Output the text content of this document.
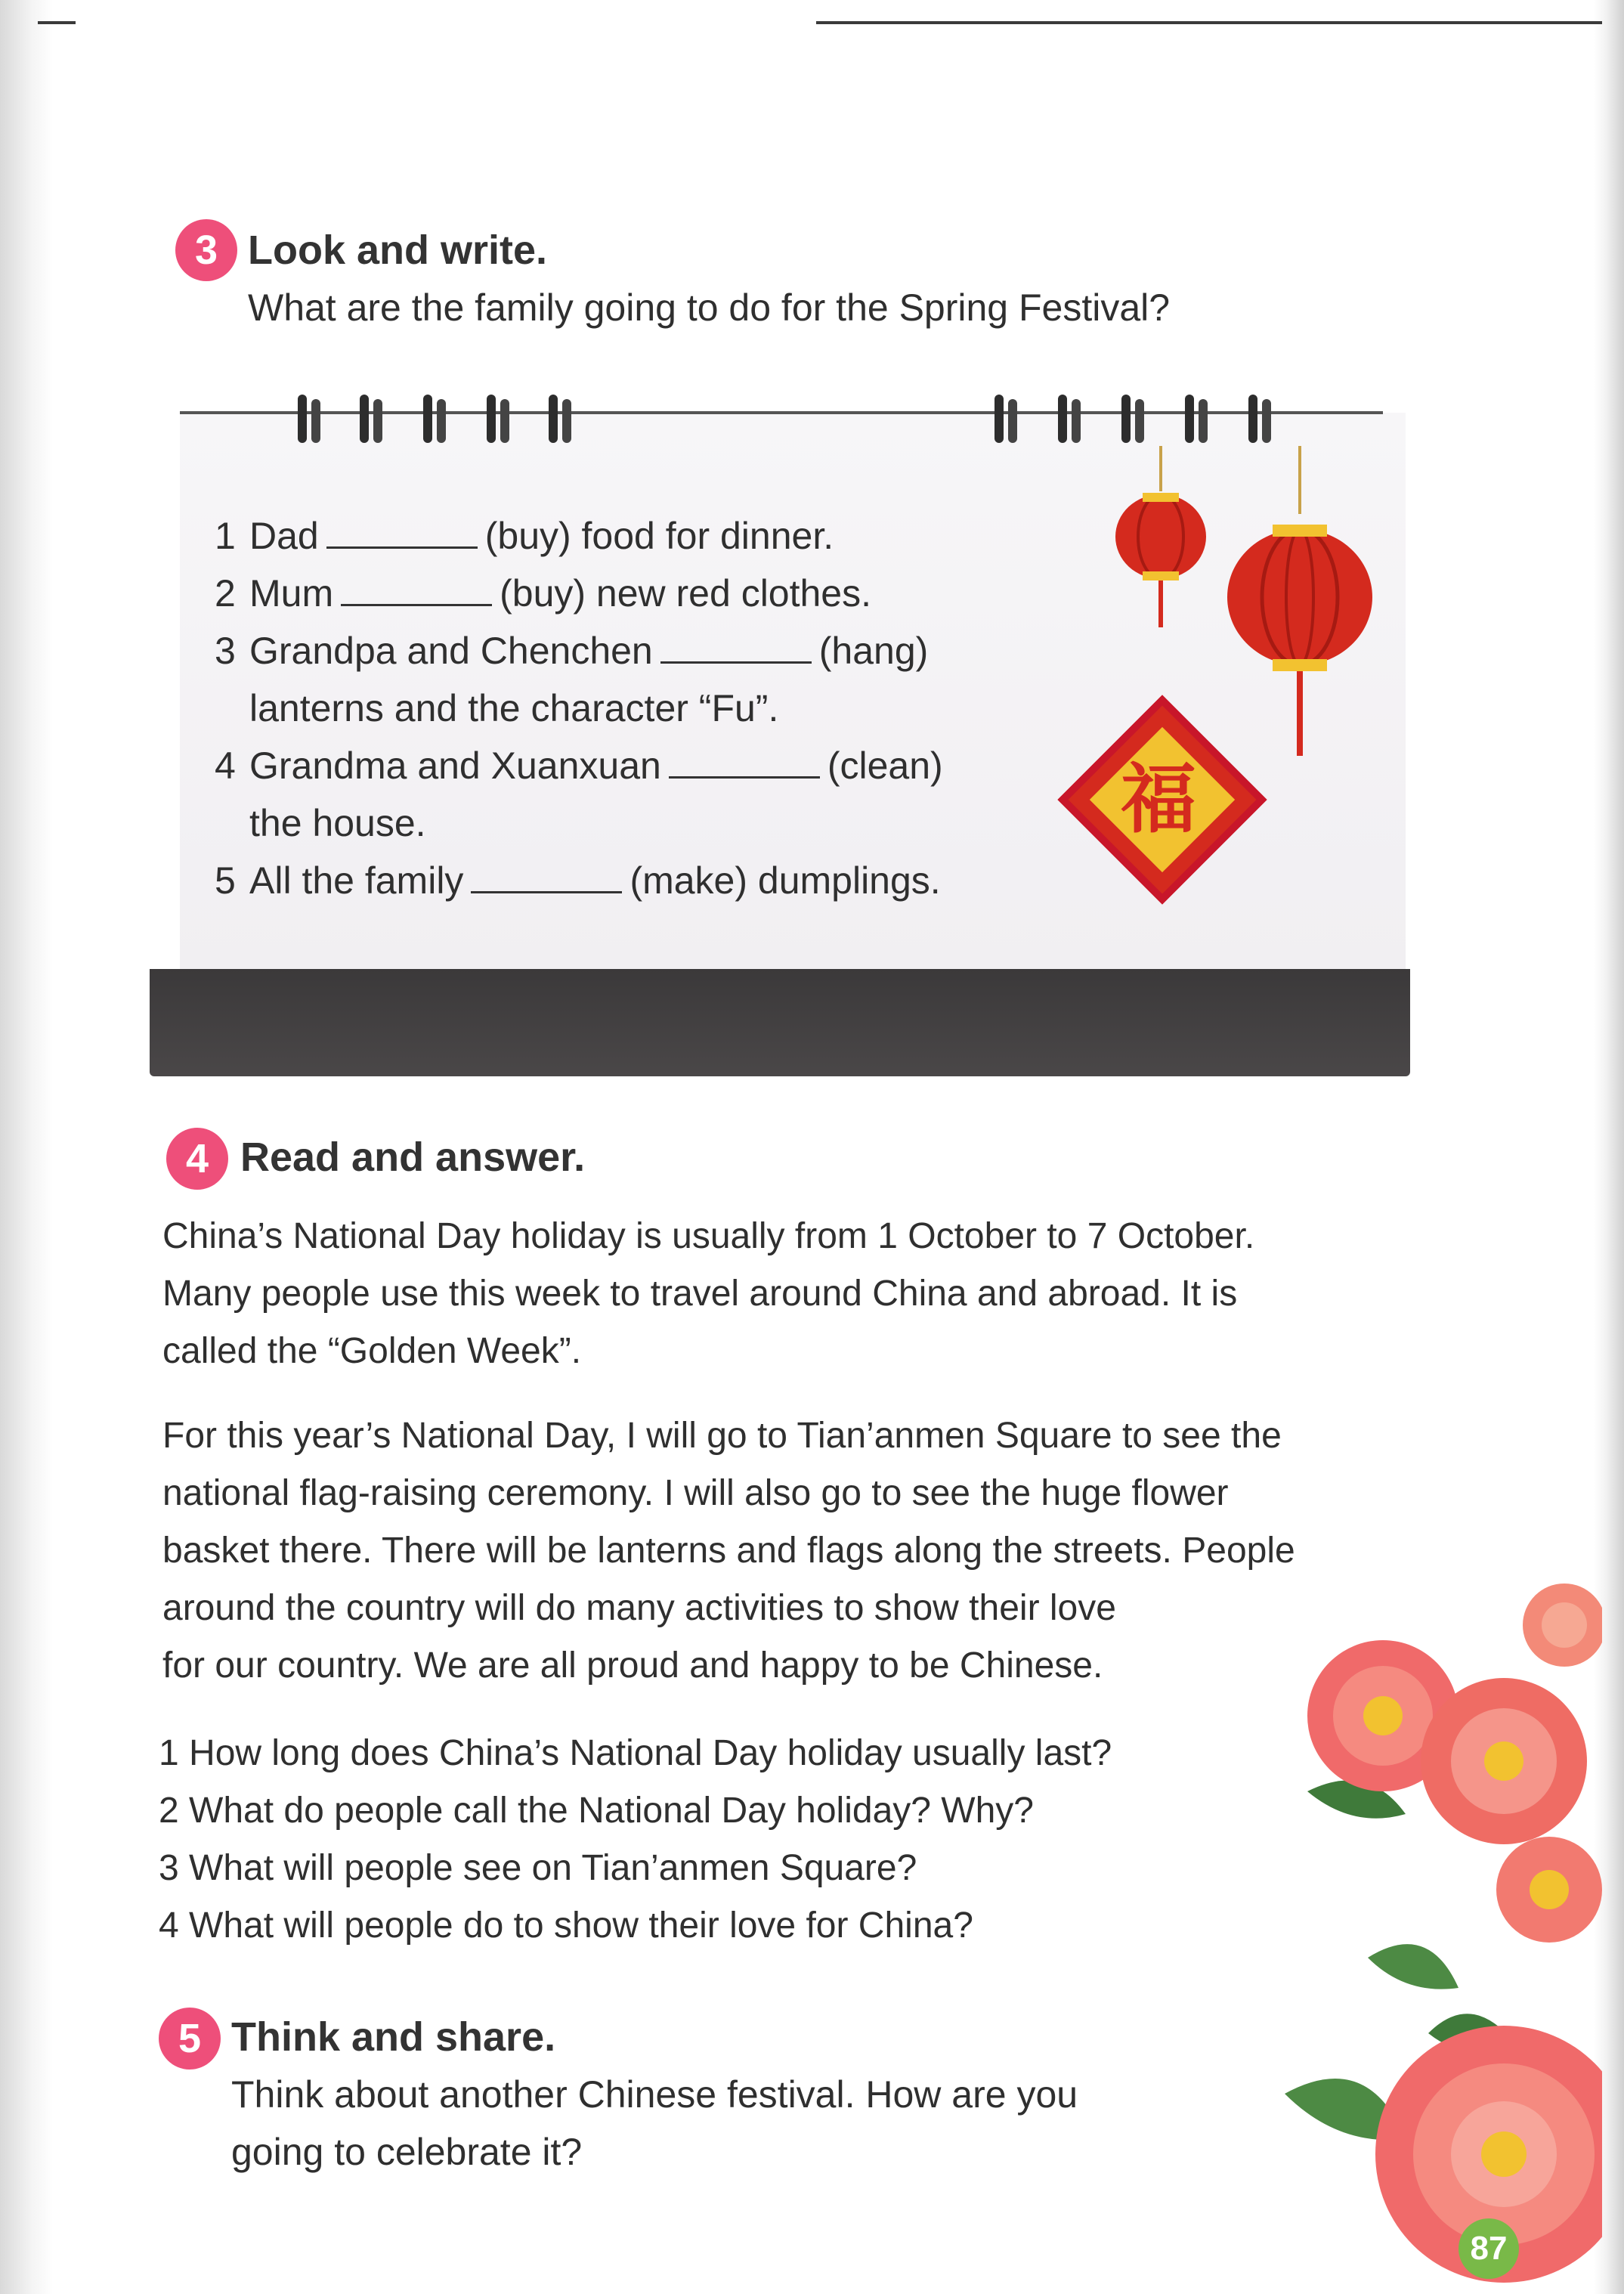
3 Look and write.
What are the family going to do for the Spring Festival?
1 Dad	(buy) food for dinner.
2 Mum	(buy) new red clothes.
3 Grandpa and Chenchen	(hang)
lanterns and the character “Fu”.
4 Grandma and Xuanxuan	(clean)
the house.
5 All the family	(make) dumplings.
福
4 Read and answer.
China’s National Day holiday is usually from 1 October to 7 October.
Many people use this week to travel around China and abroad. It is
called the “Golden Week”.
For this year’s National Day, I will go to Tian’anmen Square to see the
national flag-raising ceremony. I will also go to see the huge flower
basket there. There will be lanterns and flags along the streets. People
around the country will do many activities to show their love
for our country. We are all proud and happy to be Chinese.
1 How long does China’s National Day holiday usually last?
2 What do people call the National Day holiday? Why?
3 What will people see on Tian’anmen Square?
4 What will people do to show their love for China?
5 Think and share.
Think about another Chinese festival. How are you
going to celebrate it?
87
